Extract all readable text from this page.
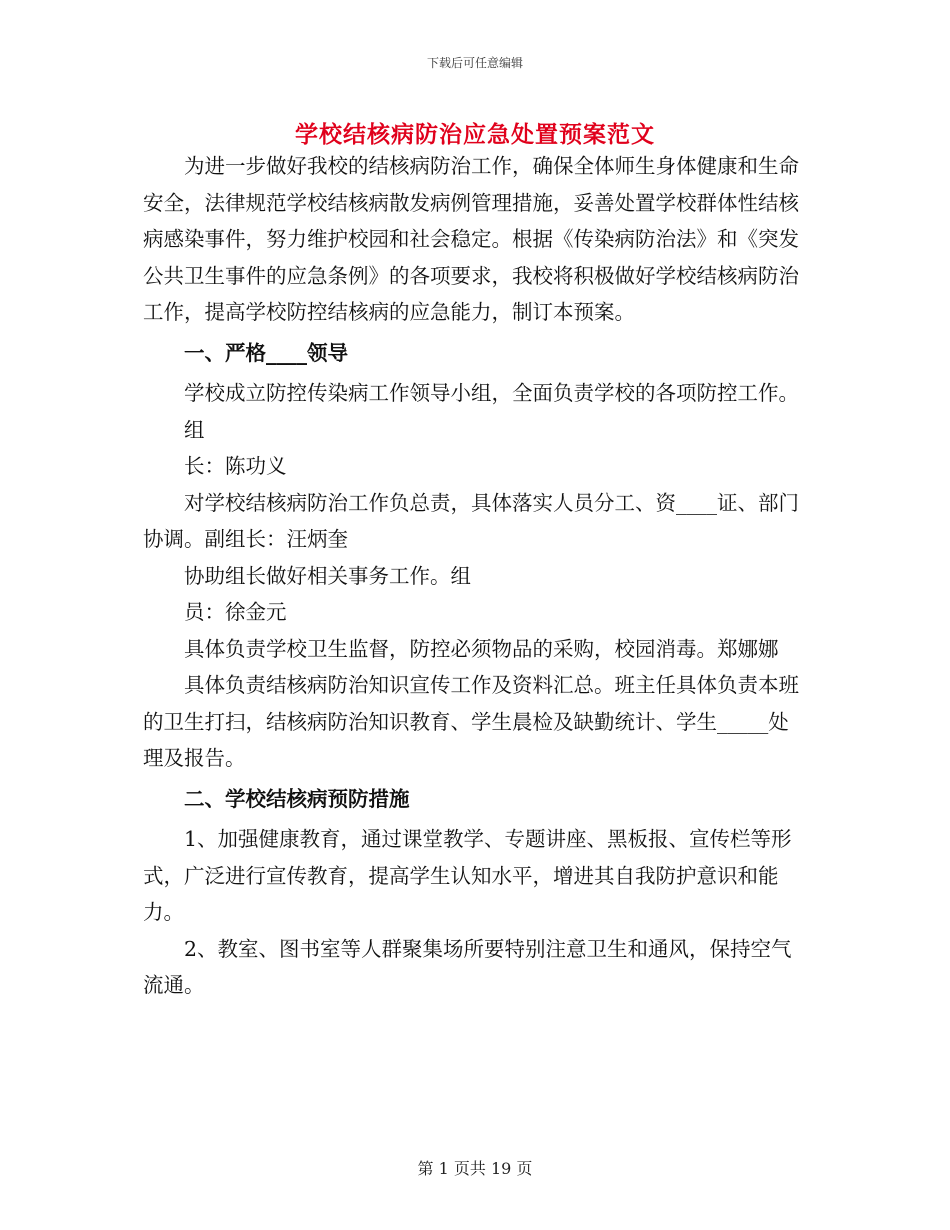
下载后可任意编辑
学校结核病防治应急处置预案范文

为进一步做好我校的结核病防治工作，确保全体师生身体健康和生命安全，法律规范学校结核病散发病例管理措施，妥善处置学校群体性结核病感染事件，努力维护校园和社会稳定。根据《传染病防治法》和《突发公共卫生事件的应急条例》的各项要求，我校将积极做好学校结核病防治工作，提高学校防控结核病的应急能力，制订本预案。

一、严格____领导

学校成立防控传染病工作领导小组，全面负责学校的各项防控工作。

组

长：陈功义

对学校结核病防治工作负总责，具体落实人员分工、资____证、部门协调。副组长：汪炳奎

协助组长做好相关事务工作。组

员：徐金元

具体负责学校卫生监督，防控必须物品的采购，校园消毒。郑娜娜

具体负责结核病防治知识宣传工作及资料汇总。班主任具体负责本班的卫生打扫，结核病防治知识教育、学生晨检及缺勤统计、学生_____处理及报告。

二、学校结核病预防措施

1、加强健康教育，通过课堂教学、专题讲座、黑板报、宣传栏等形式，广泛进行宣传教育，提高学生认知水平，增进其自我防护意识和能力。

2、教室、图书室等人群聚集场所要特别注意卫生和通风，保持空气流通。

第 1 页共 19 页
